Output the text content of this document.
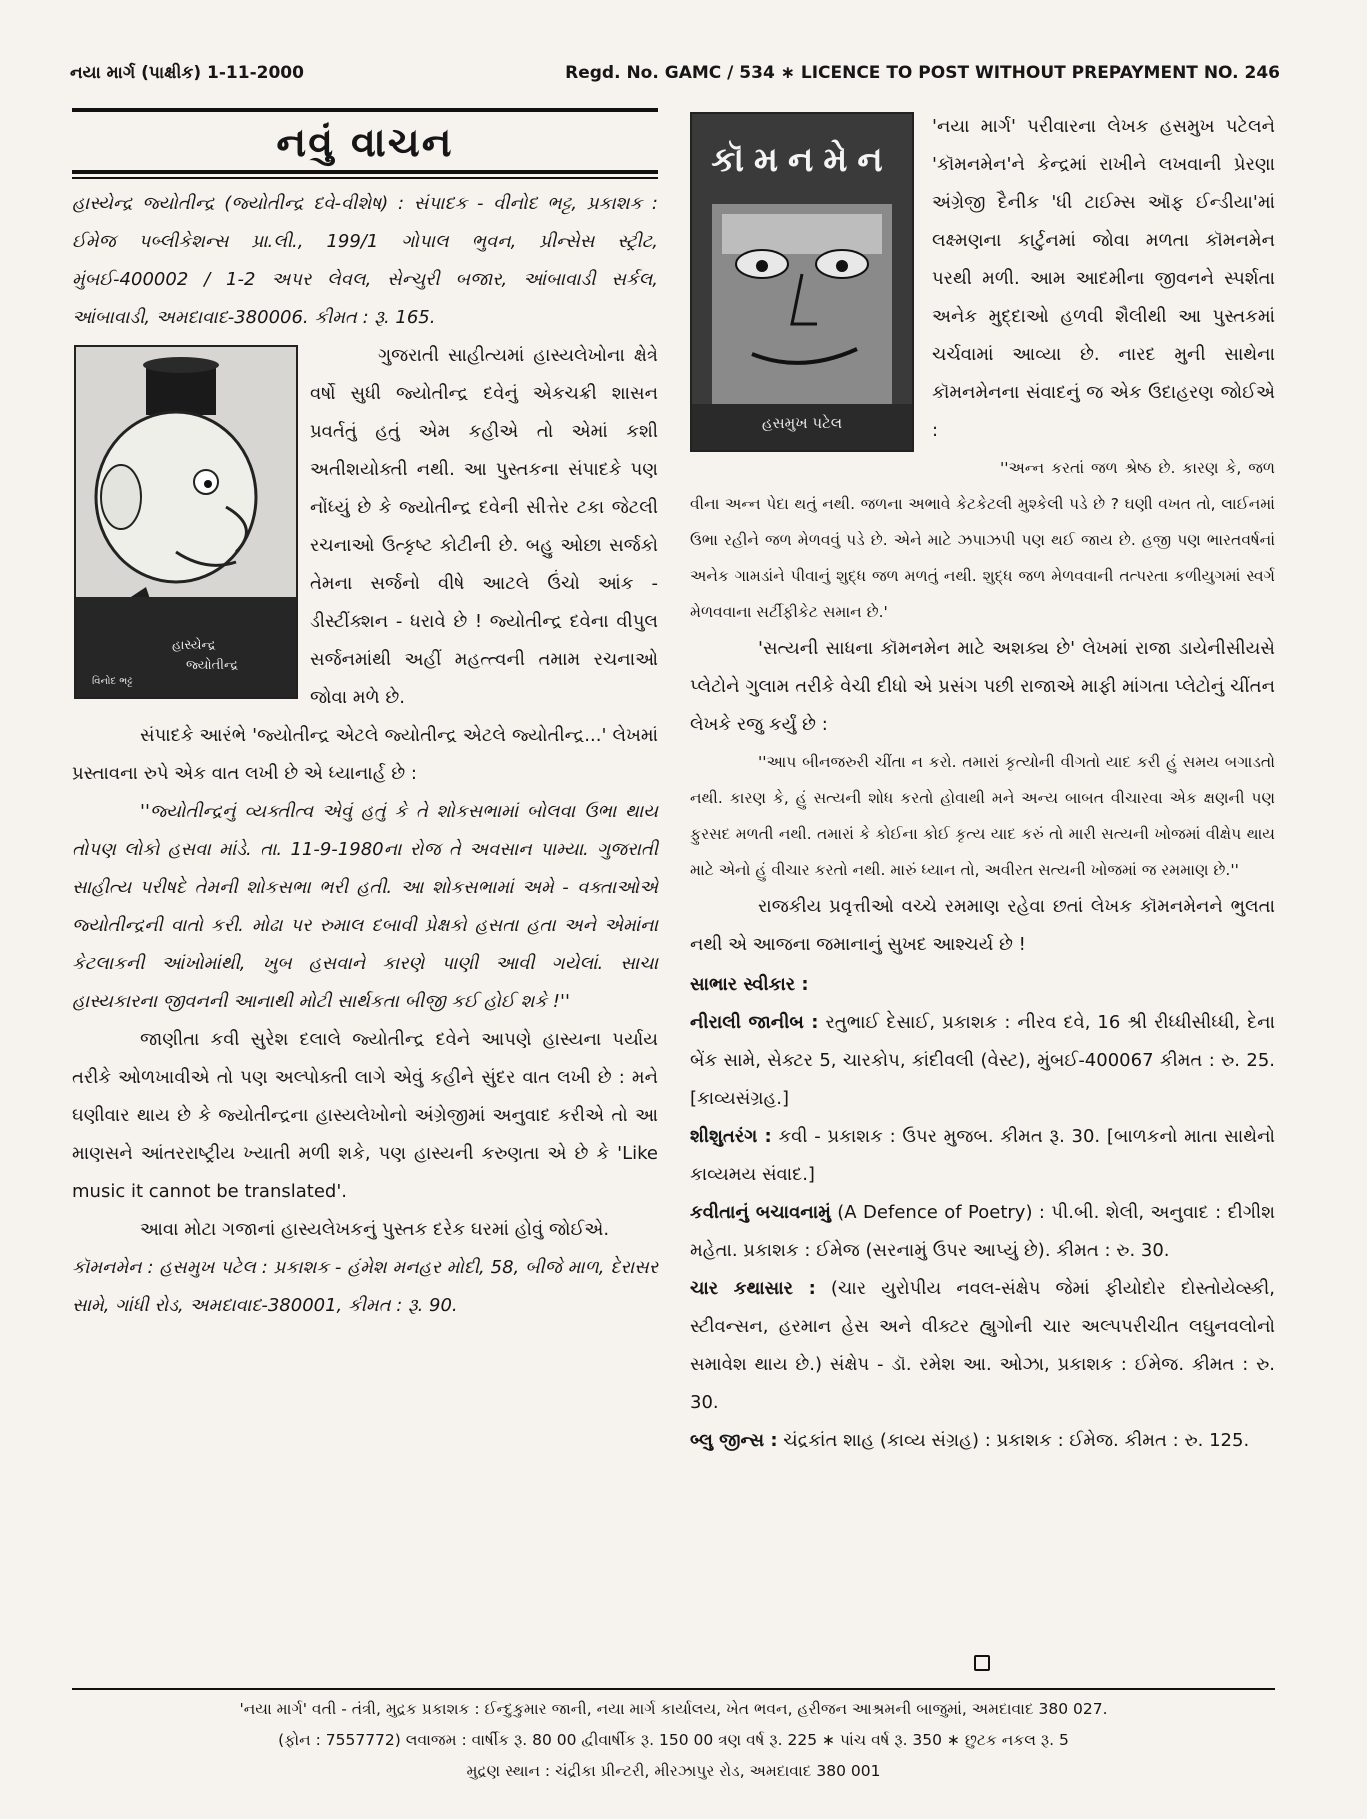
નયા માર્ગ (પાક્ષીક) 1-11-2000	Regd. No. GAMC / 534 ∗ LICENCE TO POST WITHOUT PREPAYMENT NO. 246
નવું વાચન

હાસ્યેન્દ્ર જ્યોતીન્દ્ર (જ્યોતીન્દ્ર દવે-વીશેષ) : સંપાદક - વીનોદ ભટ્ટ, પ્રકાશક : ઈમેજ પબ્લીકેશન્સ પ્રા.લી., 199/1 ગોપાલ ભુવન, પ્રીન્સેસ સ્ટ્રીટ, મુંબઈ-400002 / 1-2 અપર લેવલ, સેન્ચુરી બજાર, આંબાવાડી સર્કલ, આંબાવાડી, અમદાવાદ-380006. કીમત : રૂ. 165.

હાસ્યેન્દ્ર
જ્યોતીન્દ્ર
વિનોદ ભટ્ટ

ગુજરાતી સાહીત્યમાં હાસ્યલેખોના ક્ષેત્રે વર્ષો સુધી જ્યોતીન્દ્ર દવેનું એકચક્રી શાસન પ્રવર્તતું હતું એમ કહીએ તો એમાં કશી અતીશયોક્તી નથી. આ પુસ્તકના સંપાદકે પણ નોંધ્યું છે કે જ્યોતીન્દ્ર દવેની સીત્તેર ટકા જેટલી રચનાઓ ઉત્કૃષ્ટ કોટીની છે. બહુ ઓછા સર્જકો તેમના સર્જનો વીષે આટલે ઉંચો આંક - ડીસ્ટીંક્શન - ધરાવે છે ! જ્યોતીન્દ્ર દવેના વીપુલ સર્જનમાંથી અહીં મહત્ત્વની તમામ રચનાઓ જોવા મળે છે.

સંપાદકે આરંભે 'જ્યોતીન્દ્ર એટલે જ્યોતીન્દ્ર એટલે જ્યોતીન્દ્ર...' લેખમાં પ્રસ્તાવના રુપે એક વાત લખી છે એ ધ્યાનાર્હ છે :

''જ્યોતીન્દ્રનું વ્યક્તીત્વ એવું હતું કે તે શોકસભામાં બોલવા ઉભા થાય તોપણ લોકો હસવા માંડે. તા. 11-9-1980ના રોજ તે અવસાન પામ્યા. ગુજરાતી સાહીત્ય પરીષદે તેમની શોકસભા ભરી હતી. આ શોકસભામાં અમે - વક્તાઓએ જ્યોતીન્દ્રની વાતો કરી. મોઢા પર રુમાલ દબાવી પ્રેક્ષકો હસતા હતા અને એમાંના કેટલાકની આંખોમાંથી, ખુબ હસવાને કારણે પાણી આવી ગયેલાં. સાચા હાસ્યકારના જીવનની આનાથી મોટી સાર્થકતા બીજી કઈ હોઈ શકે !''

જાણીતા કવી સુરેશ દલાલે જ્યોતીન્દ્ર દવેને આપણે હાસ્યના પર્યાય તરીકે ઓળખાવીએ તો પણ અલ્પોક્તી લાગે એવું કહીને સુંદર વાત લખી છે : મને ઘણીવાર થાય છે કે જ્યોતીન્દ્રના હાસ્યલેખોનો અંગ્રેજીમાં અનુવાદ કરીએ તો આ માણસને આંતરરાષ્ટ્રીય ખ્યાતી મળી શકે, પણ હાસ્યની કરુણતા એ છે કે 'Like music it cannot be translated'.

આવા મોટા ગજાનાં હાસ્યલેખકનું પુસ્તક દરેક ઘરમાં હોવું જોઈએ.

કૉમનમેન : હસમુખ પટેલ : પ્રકાશક - હંમેશ મનહર મોદી, 58, બીજે માળ, દેરાસર સામે, ગાંધી રોડ, અમદાવાદ-380001, કીમત : રૂ. 90.

કૉમનમેન
હસમુખ પટેલ

'નયા માર્ગ' પરીવારના લેખક હસમુખ પટેલને 'કૉમનમેન'ને કેન્દ્રમાં રાખીને લખવાની પ્રેરણા અંગ્રેજી દૈનીક 'ધી ટાઈમ્સ ઑફ ઈન્ડીયા'માં લક્ષ્મણના કાર્ટુનમાં જોવા મળતા કૉમનમેન પરથી મળી. આમ આદમીના જીવનને સ્પર્શતા અનેક મુદ્દાઓ હળવી શૈલીથી આ પુસ્તકમાં ચર્ચવામાં આવ્યા છે. નારદ મુની સાથેના કૉમનમેનના સંવાદનું જ એક ઉદાહરણ જોઈએ :

''અન્ન કરતાં જળ શ્રેષ્ઠ છે. કારણ કે, જળ વીના અન્ન પેદા થતું નથી. જળના અભાવે કેટકેટલી મુશ્કેલી પડે છે ? ઘણી વખત તો, લાઈનમાં ઉભા રહીને જળ મેળવવું પડે છે. એને માટે ઝપાઝપી પણ થઈ જાય છે. હજી પણ ભારતવર્ષનાં અનેક ગામડાંને પીવાનું શુદ્ધ જળ મળતું નથી. શુદ્ધ જળ મેળવવાની તત્પરતા કળીયુગમાં સ્વર્ગ મેળવવાના સર્ટીફીકેટ સમાન છે.'

'સત્યની સાધના કૉમનમેન માટે અશક્ય છે' લેખમાં રાજા ડાયેનીસીયસે પ્લેટોને ગુલામ તરીકે વેચી દીધો એ પ્રસંગ પછી રાજાએ માફી માંગતા પ્લેટોનું ચીંતન લેખકે રજુ કર્યું છે :

''આપ બીનજરુરી ચીંતા ન કરો. તમારાં કૃત્યોની વીગતો યાદ કરી હું સમય બગાડતો નથી. કારણ કે, હું સત્યની શોધ કરતો હોવાથી મને અન્ય બાબત વીચારવા એક ક્ષણની પણ ફુરસદ મળતી નથી. તમારાં કે કોઈના કોઈ કૃત્ય યાદ કરું તો મારી સત્યની ખોજમાં વીક્ષેપ થાય માટે એનો હું વીચાર કરતો નથી. મારું ધ્યાન તો, અવીરત સત્યની ખોજમાં જ રમમાણ છે.''

રાજકીય પ્રવૃત્તીઓ વચ્ચે રમમાણ રહેવા છતાં લેખક કૉમનમેનને ભુલતા નથી એ આજના જમાનાનું સુખદ આશ્ચર્ય છે !

સાભાર સ્વીકાર :

નીરાલી જાનીબ : રતુભાઈ દેસાઈ, પ્રકાશક : નીરવ દવે, 16 શ્રી રીધ્ધીસીધ્ધી, દેના બેંક સામે, સેક્ટર 5, ચારકોપ, કાંદીવલી (વેસ્ટ), મુંબઈ-400067 કીમત : રુ. 25. [કાવ્યસંગ્રહ.]

શીશુતરંગ : કવી - પ્રકાશક : ઉપર મુજબ. કીમત રૂ. 30. [બાળકનો માતા સાથેનો કાવ્યમય સંવાદ.]

કવીતાનું બચાવનામું (A Defence of Poetry) : પી.બી. શેલી, અનુવાદ : દીગીશ મહેતા. પ્રકાશક : ઈમેજ (સરનામું ઉપર આપ્યું છે). કીમત : રુ. 30.

ચાર કથાસાર : (ચાર યુરોપીય નવલ-સંક્ષેપ જેમાં ફીયોદોર દોસ્તોયેવ્સ્કી, સ્ટીવન્સન, હરમાન હેસ અને વીક્ટર હ્યુગોની ચાર અલ્પપરીચીત લઘુનવલોનો સમાવેશ થાય છે.) સંક્ષેપ - ડૉ. રમેશ આ. ઓઝા, પ્રકાશક : ઈમેજ. કીમત : રુ. 30.

બ્લુ જીન્સ : ચંદ્રકાંત શાહ (કાવ્ય સંગ્રહ) : પ્રકાશક : ઈમેજ. કીમત : રુ. 125.

'નયા માર્ગ' વતી - તંત્રી, મુદ્રક પ્રકાશક : ઈન્દુકુમાર જાની, નયા માર્ગ કાર્યાલય, ખેત ભવન, હરીજન આશ્રમની બાજુમાં, અમદાવાદ 380 027.
(ફોન : 7557772) લવાજમ : વાર્ષીક રૂ. 80 00 દ્વીવાર્ષીક રૂ. 150 00 ત્રણ વર્ષ રૂ. 225 ∗ પાંચ વર્ષ રૂ. 350 ∗ છુટક નકલ રૂ. 5
મુદ્રણ સ્થાન : ચંદ્રીકા પ્રીન્ટરી, મીરઝાપુર રોડ, અમદાવાદ 380 001
